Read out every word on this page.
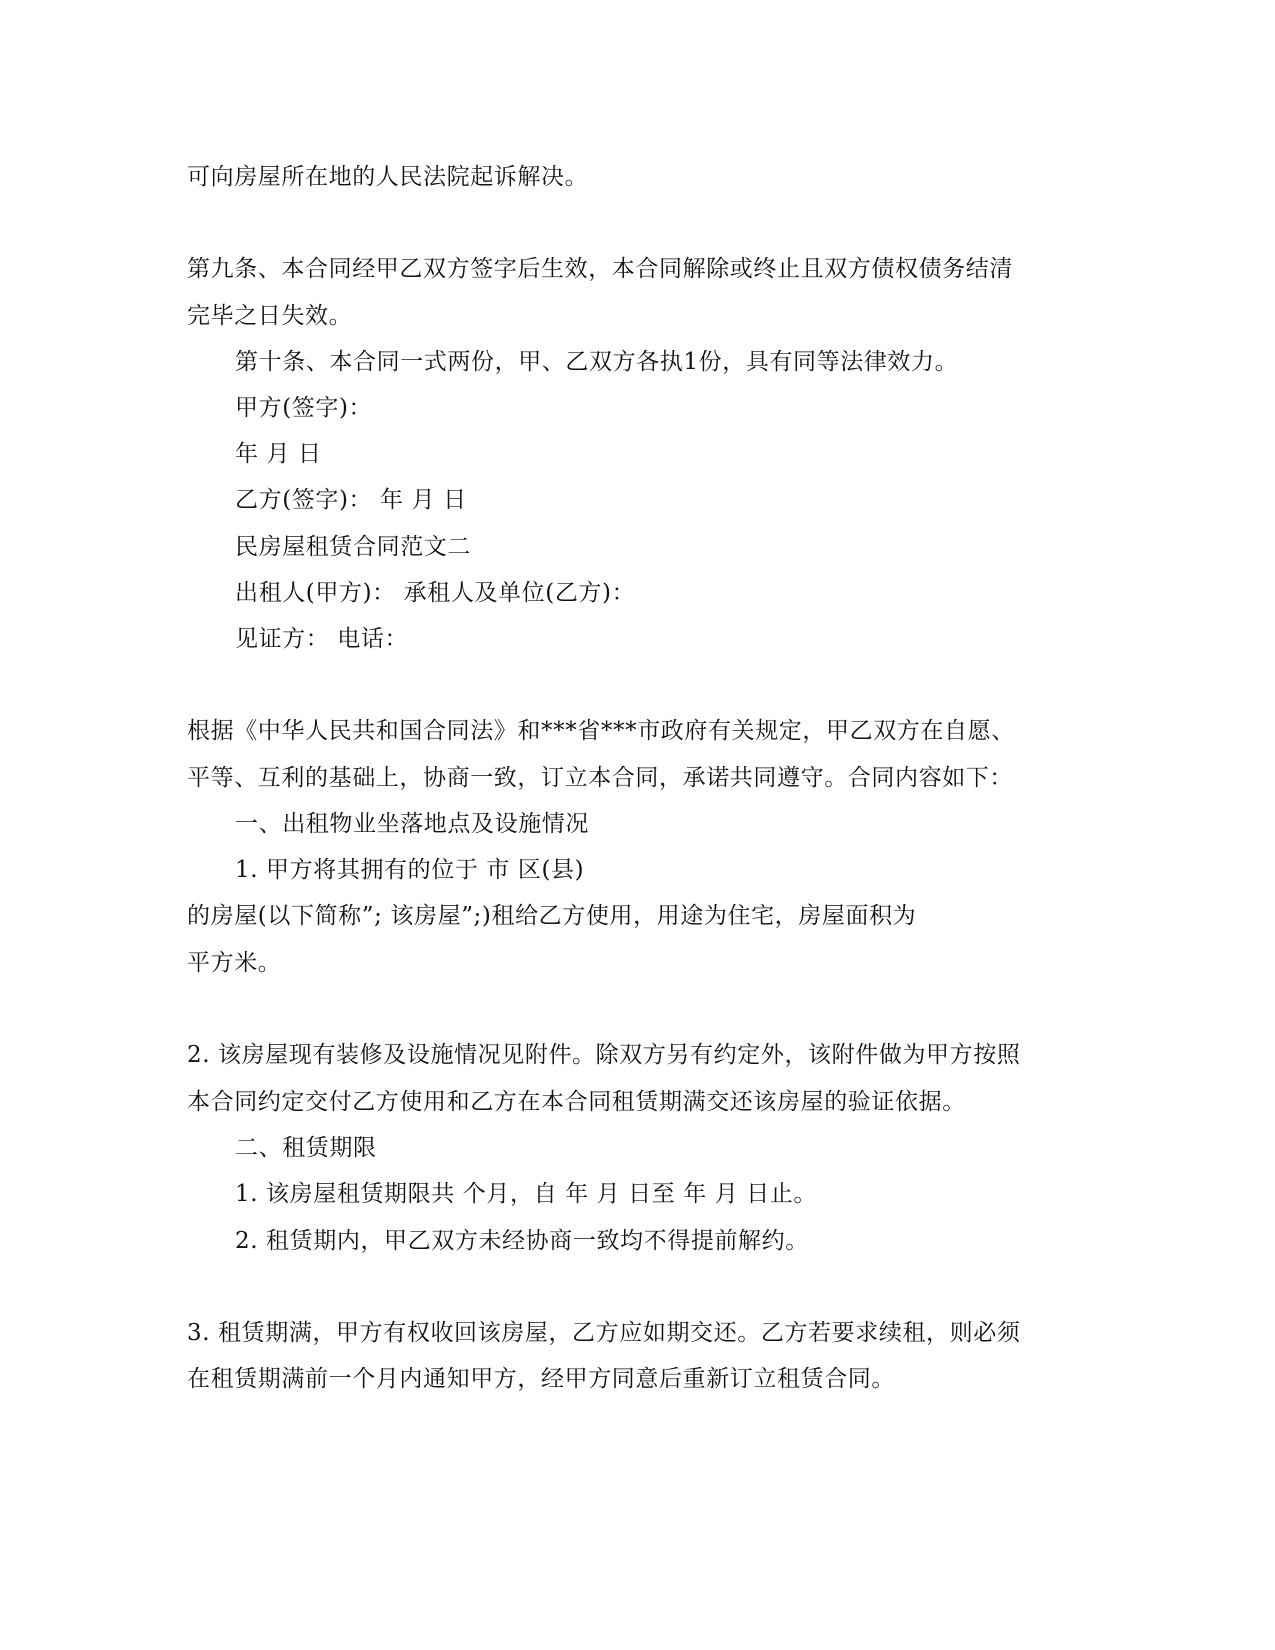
可向房屋所在地的人民法院起诉解决。
第九条、本合同经甲乙双方签字后生效，本合同解除或终止且双方债权债务结清
完毕之日失效。
第十条、本合同一式两份，甲、乙双方各执1份，具有同等法律效力。
甲方(签字)：
年 月 日
乙方(签字)： 年 月 日
民房屋租赁合同范文二
出租人(甲方)： 承租人及单位(乙方)：
见证方： 电话：
根据《中华人民共和国合同法》和***省***市政府有关规定，甲乙双方在自愿、
平等、互利的基础上，协商一致，订立本合同，承诺共同遵守。合同内容如下：
一、出租物业坐落地点及设施情况
1. 甲方将其拥有的位于 市 区(县)
的房屋(以下简称”; 该房屋”;)租给乙方使用，用途为住宅，房屋面积为
平方米。
2. 该房屋现有装修及设施情况见附件。除双方另有约定外，该附件做为甲方按照
本合同约定交付乙方使用和乙方在本合同租赁期满交还该房屋的验证依据。
二、租赁期限
1. 该房屋租赁期限共 个月，自 年 月 日至 年 月 日止。
2. 租赁期内，甲乙双方未经协商一致均不得提前解约。
3. 租赁期满，甲方有权收回该房屋，乙方应如期交还。乙方若要求续租，则必须
在租赁期满前一个月内通知甲方，经甲方同意后重新订立租赁合同。
